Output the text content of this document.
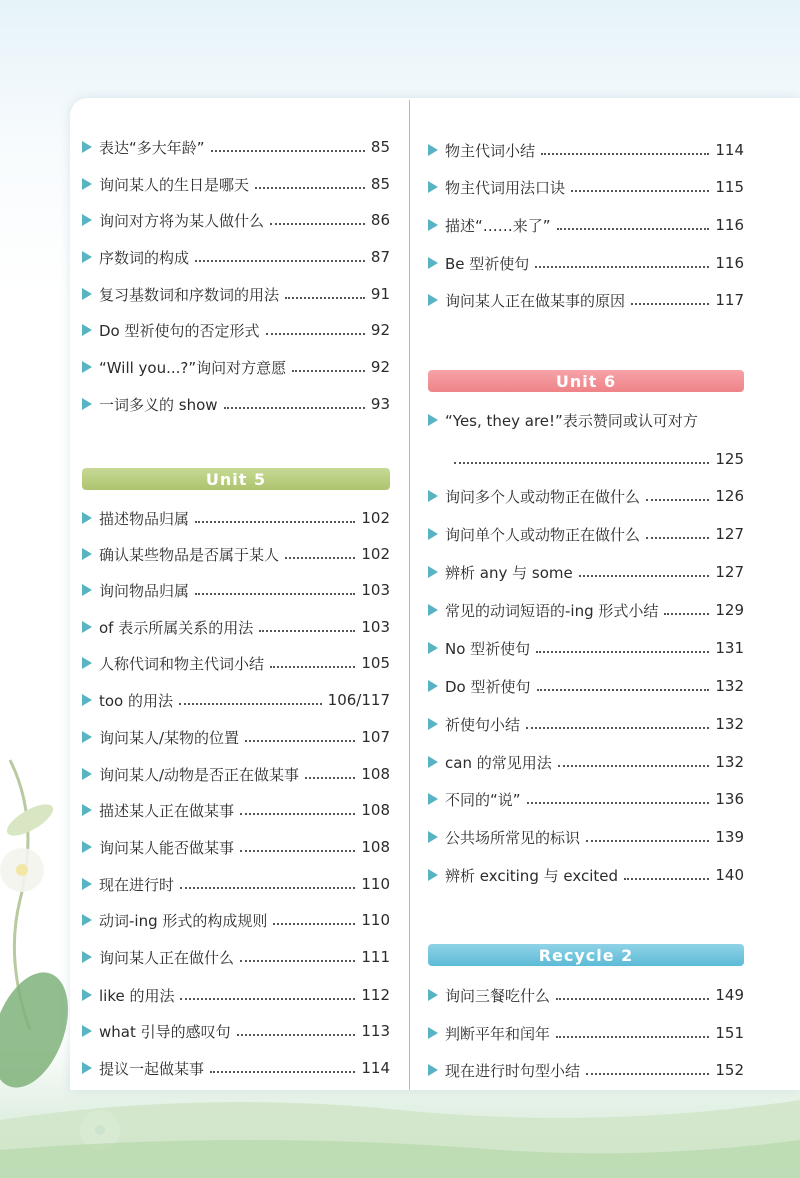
表达“多大年龄”	85
询问某人的生日是哪天	85
询问对方将为某人做什么	86
序数词的构成	87
复习基数词和序数词的用法	91
Do 型祈使句的否定形式	92
“Will you...?”询问对方意愿	92
一词多义的 show	93
Unit 5
描述物品归属	102
确认某些物品是否属于某人	102
询问物品归属	103
of 表示所属关系的用法	103
人称代词和物主代词小结	105
too 的用法	106/117
询问某人/某物的位置	107
询问某人/动物是否正在做某事	108
描述某人正在做某事	108
询问某人能否做某事	108
现在进行时	110
动词-ing 形式的构成规则	110
询问某人正在做什么	111
like 的用法	112
what 引导的感叹句	113
提议一起做某事	114
物主代词小结	114
物主代词用法口诀	115
描述“……来了”	116
Be 型祈使句	116
询问某人正在做某事的原因	117
Unit 6
“Yes, they are!”表示赞同或认可对方
125
询问多个人或动物正在做什么	126
询问单个人或动物正在做什么	127
辨析 any 与 some	127
常见的动词短语的-ing 形式小结	129
No 型祈使句	131
Do 型祈使句	132
祈使句小结	132
can 的常见用法	132
不同的“说”	136
公共场所常见的标识	139
辨析 exciting 与 excited	140
Recycle 2
询问三餐吃什么	149
判断平年和闰年	151
现在进行时句型小结	152
